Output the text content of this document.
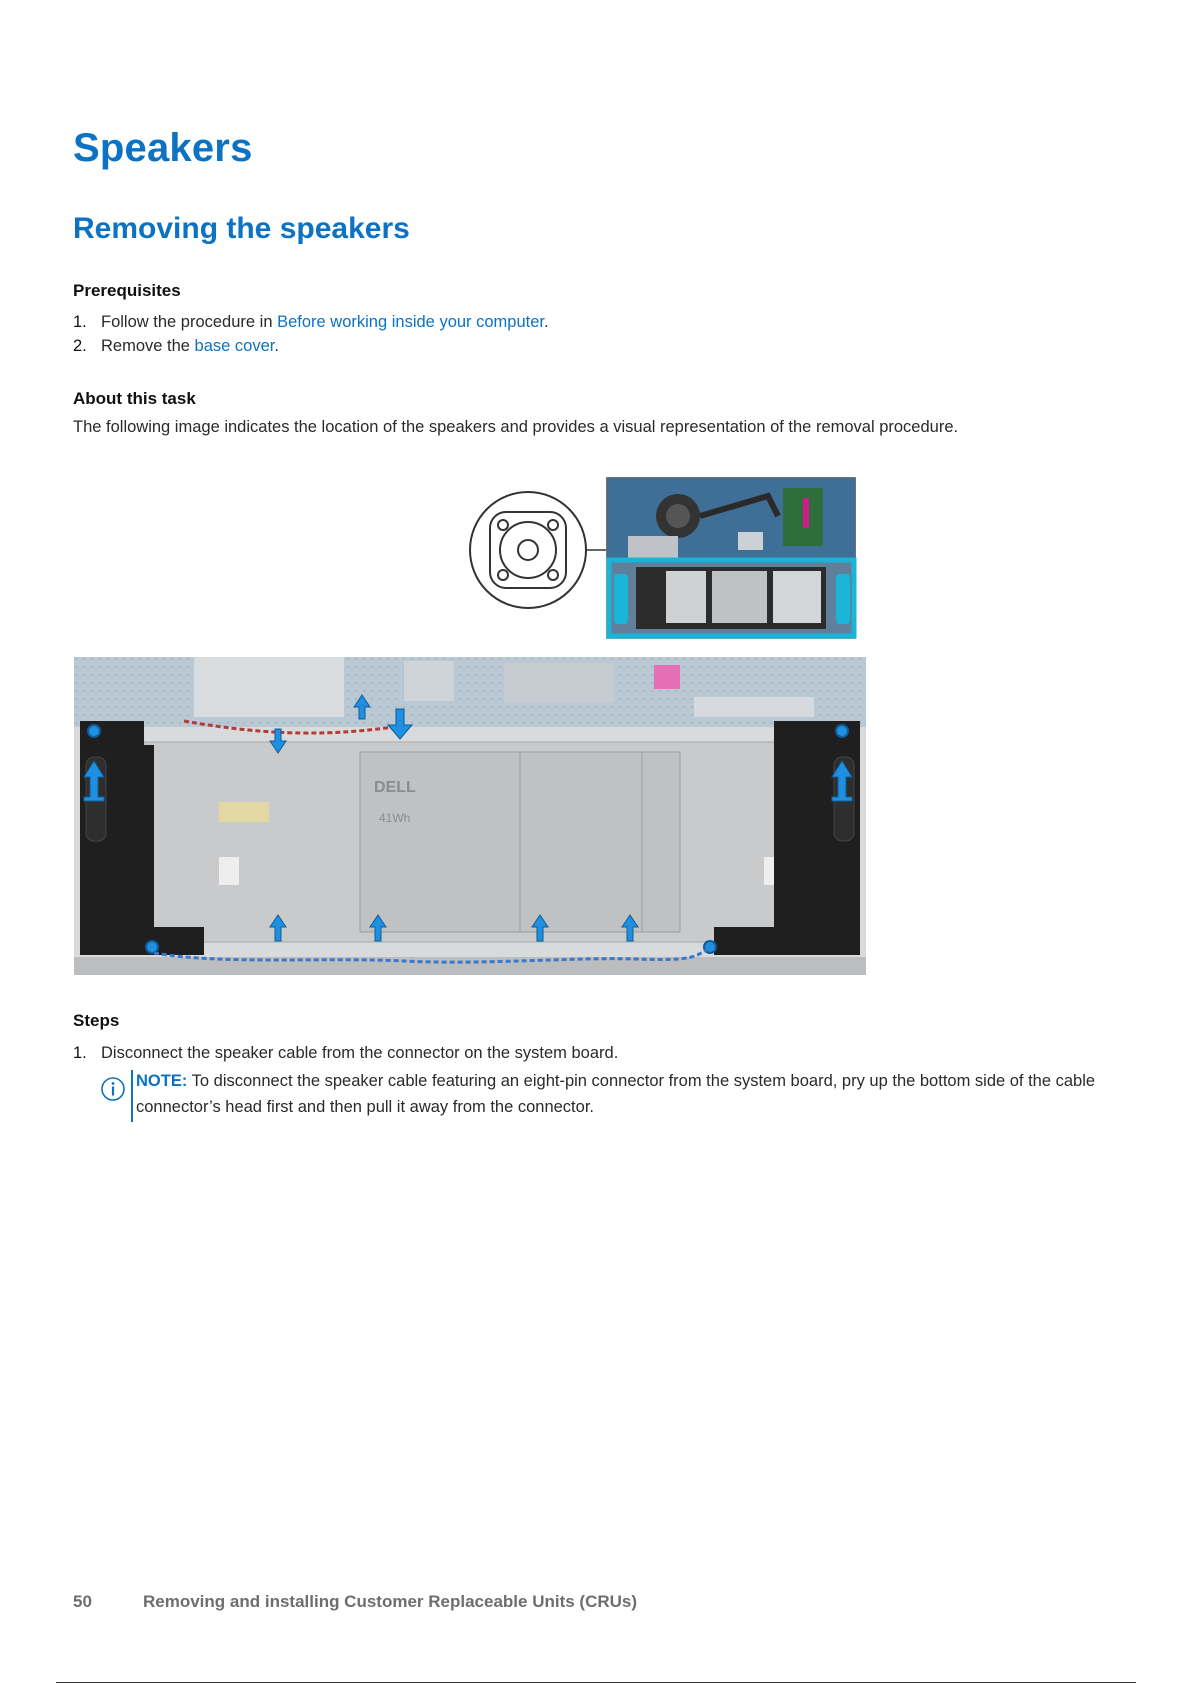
Speakers
Removing the speakers
Prerequisites
1. Follow the procedure in Before working inside your computer.
2. Remove the base cover.
About this task
The following image indicates the location of the speakers and provides a visual representation of the removal procedure.
DELL
41Wh
Steps
1. Disconnect the speaker cable from the connector on the system board.
NOTE: To disconnect the speaker cable featuring an eight-pin connector from the system board, pry up the bottom side of the cable connector’s head first and then pull it away from the connector.
50	Removing and installing Customer Replaceable Units (CRUs)
